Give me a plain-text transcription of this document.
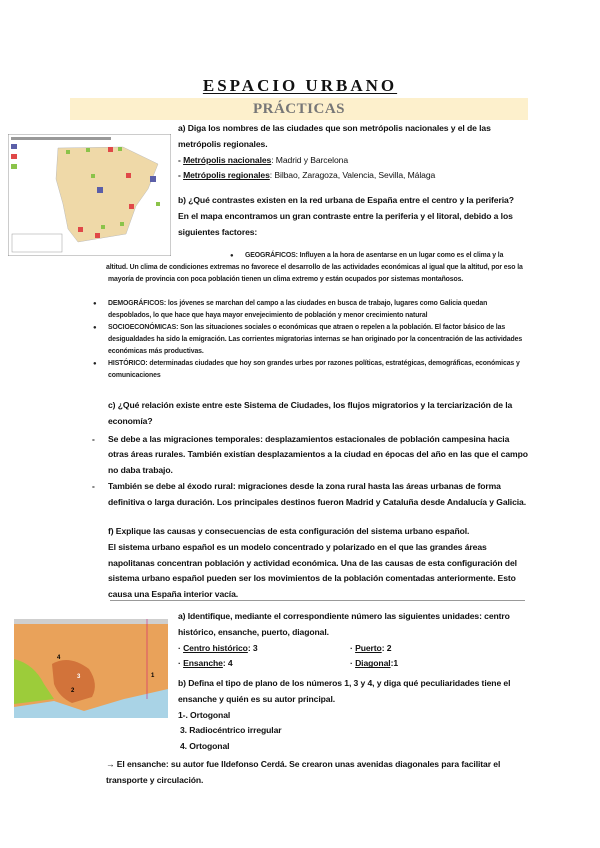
ESPACIO URBANO
PRÁCTICAS
a) Diga los nombres de las ciudades que son metrópolis nacionales y el de las metrópolis regionales.
- Metrópolis nacionales: Madrid y Barcelona
- Metrópolis regionales: Bilbao, Zaragoza, Valencia, Sevilla, Málaga
b) ¿Qué contrastes existen en la red urbana de España entre el centro y la periferia?
En el mapa encontramos un gran contraste entre la periferia y el litoral, debido a los siguientes factores:
GEOGRÁFICOS: Influyen a la hora de asentarse en un lugar como es el clima y la
altitud. Un clima de condiciones extremas no favorece el desarrollo de las actividades económicas al igual que la altitud, por eso la mayoría de provincia con poca población tienen un clima extremo y están ocupados por sistemas montañosos.
● DEMOGRÁFICOS: los jóvenes se marchan del campo a las ciudades en busca de trabajo, lugares como Galicia quedan despoblados, lo que hace que haya mayor envejecimiento de población y menor crecimiento natural
● SOCIOECONÓMICAS: Son las situaciones sociales o económicas que atraen o repelen a la población. El factor básico de las desigualdades ha sido la emigración. Las corrientes migratorias internas se han originado por la concentración de las actividades económicas más productivas.
● HISTÓRICO: determinadas ciudades que hoy son grandes urbes por razones políticas, estratégicas, demográficas, económicas y comunicaciones
c) ¿Qué relación existe entre este Sistema de Ciudades, los flujos migratorios y la terciarización de la economía?
- Se debe a las migraciones temporales: desplazamientos estacionales de población campesina hacia otras áreas rurales. También existían desplazamientos a la ciudad en épocas del año en las que el campo no daba trabajo.
- También se debe al éxodo rural: migraciones desde la zona rural hasta las áreas urbanas de forma definitiva o larga duración. Los principales destinos fueron Madrid y Cataluña desde Andalucía y Galicia.
f) Explique las causas y consecuencias de esta configuración del sistema urbano español.
El sistema urbano español es un modelo concentrado y polarizado en el que las grandes áreas napolitanas concentran población y actividad económica. Una de las causas de esta configuración del sistema urbano español pueden ser los movimientos de la población comentadas anteriormente. Esto causa una España interior vacía.
4
3
2
1
a) Identifique, mediante el correspondiente número las siguientes unidades: centro histórico, ensanche, puerto, diagonal.
· Centro histórico: 3	· Puerto: 2
· Ensanche: 4	· Diagonal:1
b) Defina el tipo de plano de los números 1, 3 y 4, y diga qué peculiaridades tiene el ensanche y quién es su autor principal.
1-. Ortogonal
3. Radiocéntrico irregular
4. Ortogonal
→ El ensanche: su autor fue Ildefonso Cerdá. Se crearon unas avenidas diagonales para facilitar el transporte y circulación.
